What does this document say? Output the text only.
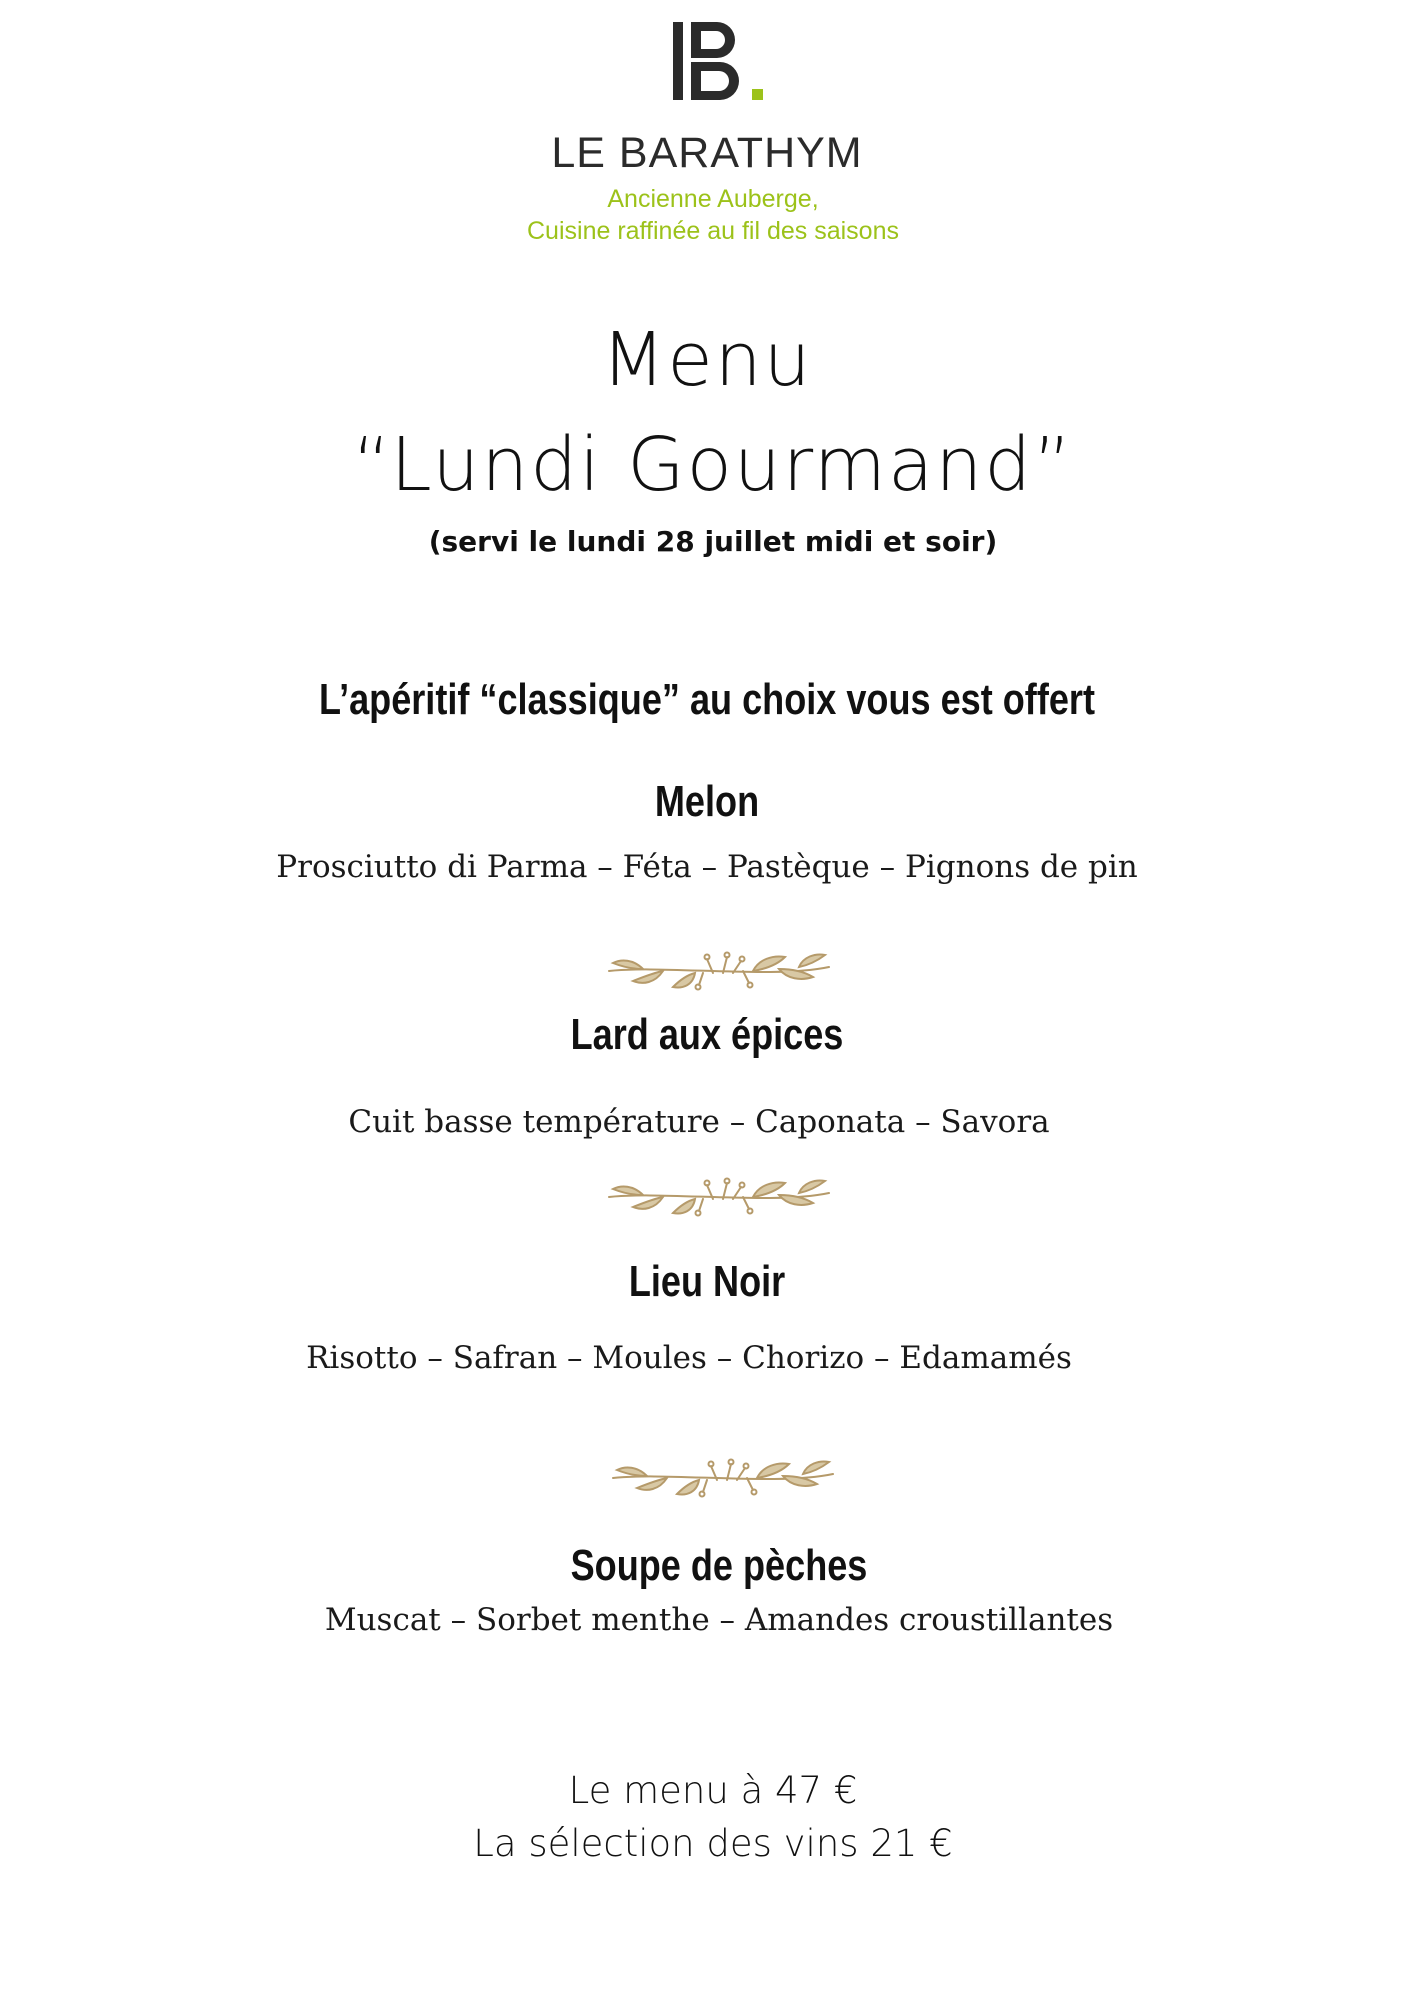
LE BARATHYM
Ancienne Auberge,
Cuisine raffinée au fil des saisons
Menu
“Lundi Gourmand”
(servi le lundi 28 juillet midi et soir)
L’apéritif “classique” au choix vous est offert
Melon
Prosciutto di Parma – Féta – Pastèque – Pignons de pin
Lard aux épices
Cuit basse température – Caponata – Savora
Lieu Noir
Risotto – Safran – Moules – Chorizo – Edamamés
Soupe de pèches
Muscat – Sorbet menthe – Amandes croustillantes
Le menu à 47 €
La sélection des vins 21 €
